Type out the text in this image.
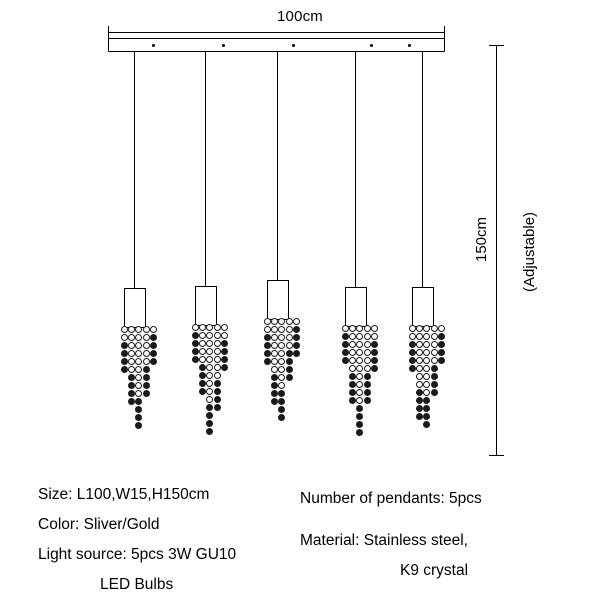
100cm
(Adjustable)
150cm
Size: L100,W15,H150cm
Color: Sliver/Gold
Light source: 5pcs 3W GU10
LED Bulbs
Number of pendants: 5pcs
Material: Stainless steel,
K9 crystal
